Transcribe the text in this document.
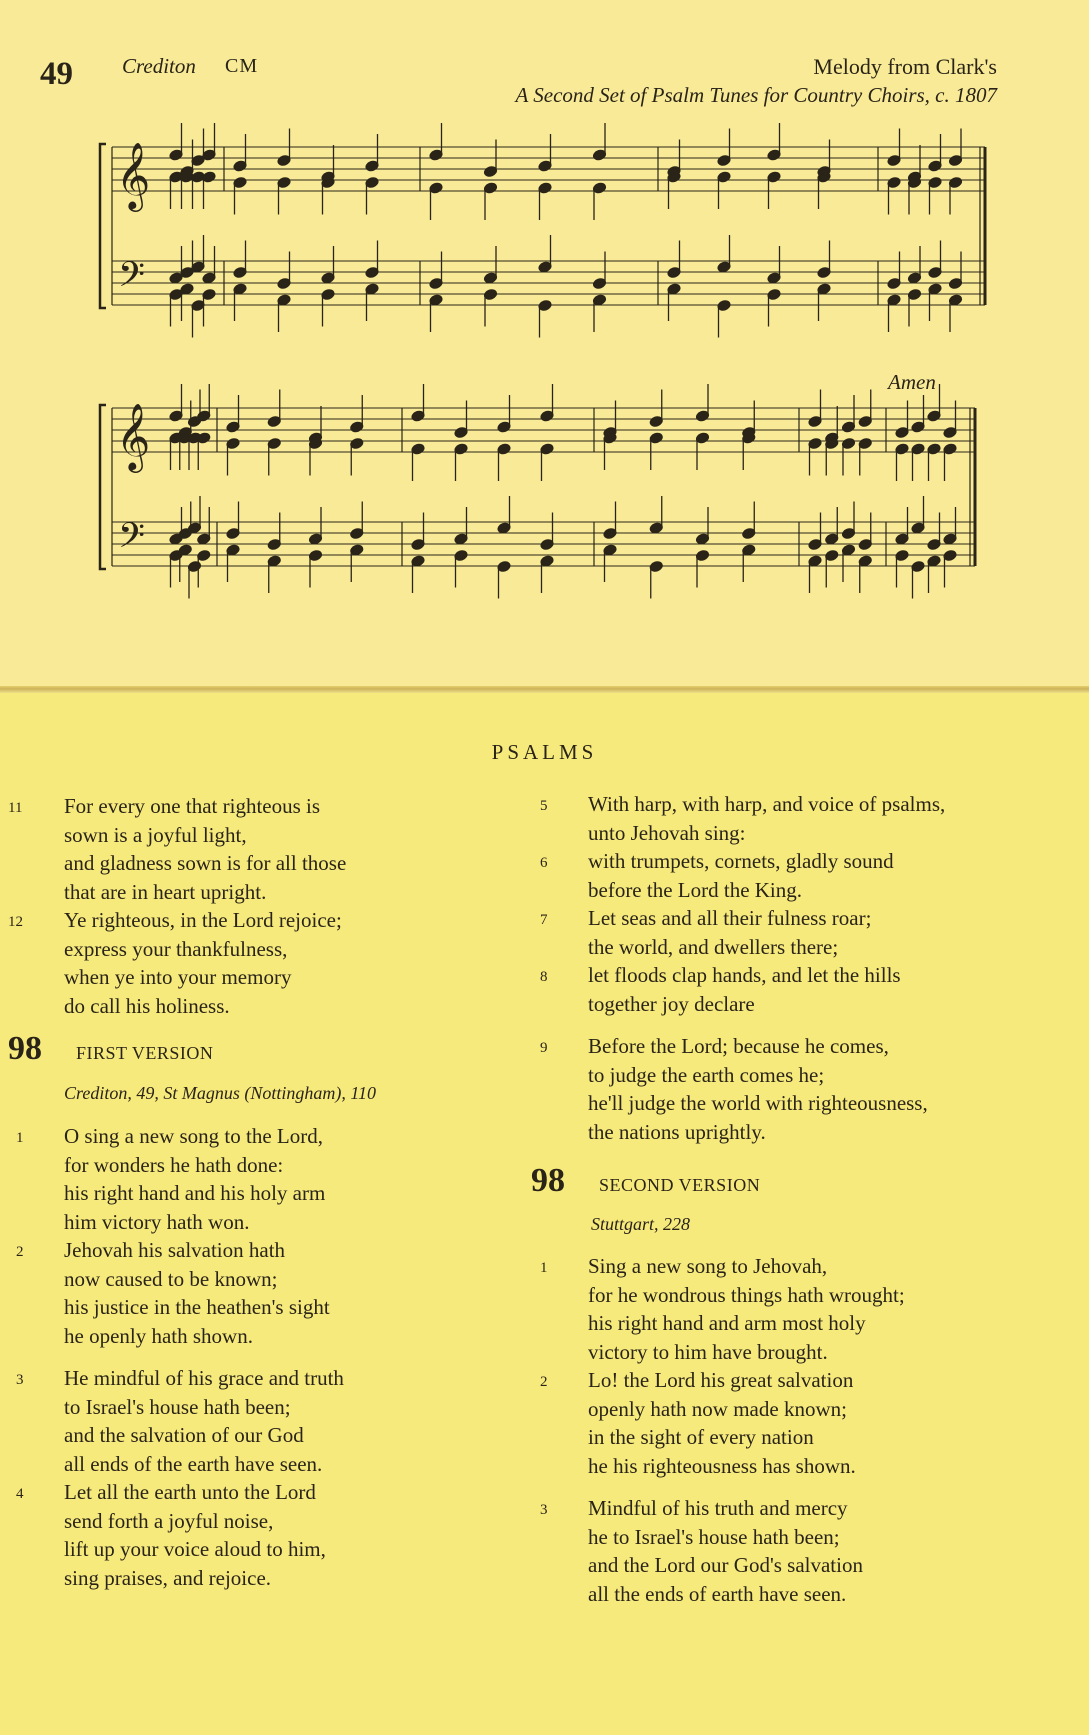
49 Crediton CM	Melody from Clark's
A Second Set of Psalm Tunes for Country Choirs, c. 1807
Amen
𝄞
𝄢
𝄞
𝄢
PSALMS
11	For every one that righteous is
sown is a joyful light,
and gladness sown is for all those
that are in heart upright.
12	Ye righteous, in the Lord rejoice;
express your thankfulness,
when ye into your memory
do call his holiness.
98 FIRST VERSION
Crediton, 49, St Magnus (Nottingham), 110
1	O sing a new song to the Lord,
for wonders he hath done:
his right hand and his holy arm
him victory hath won.
2	Jehovah his salvation hath
now caused to be known;
his justice in the heathen's sight
he openly hath shown.
3	He mindful of his grace and truth
to Israel's house hath been;
and the salvation of our God
all ends of the earth have seen.
4	Let all the earth unto the Lord
send forth a joyful noise,
lift up your voice aloud to him,
sing praises, and rejoice.
5	With harp, with harp, and voice of psalms,
unto Jehovah sing:
6	with trumpets, cornets, gladly sound
before the Lord the King.
7	Let seas and all their fulness roar;
the world, and dwellers there;
8	let floods clap hands, and let the hills
together joy declare
9	Before the Lord; because he comes,
to judge the earth comes he;
he'll judge the world with righteousness,
the nations uprightly.
98 SECOND VERSION
Stuttgart, 228
1	Sing a new song to Jehovah,
for he wondrous things hath wrought;
his right hand and arm most holy
victory to him have brought.
2	Lo! the Lord his great salvation
openly hath now made known;
in the sight of every nation
he his righteousness has shown.
3	Mindful of his truth and mercy
he to Israel's house hath been;
and the Lord our God's salvation
all the ends of earth have seen.
